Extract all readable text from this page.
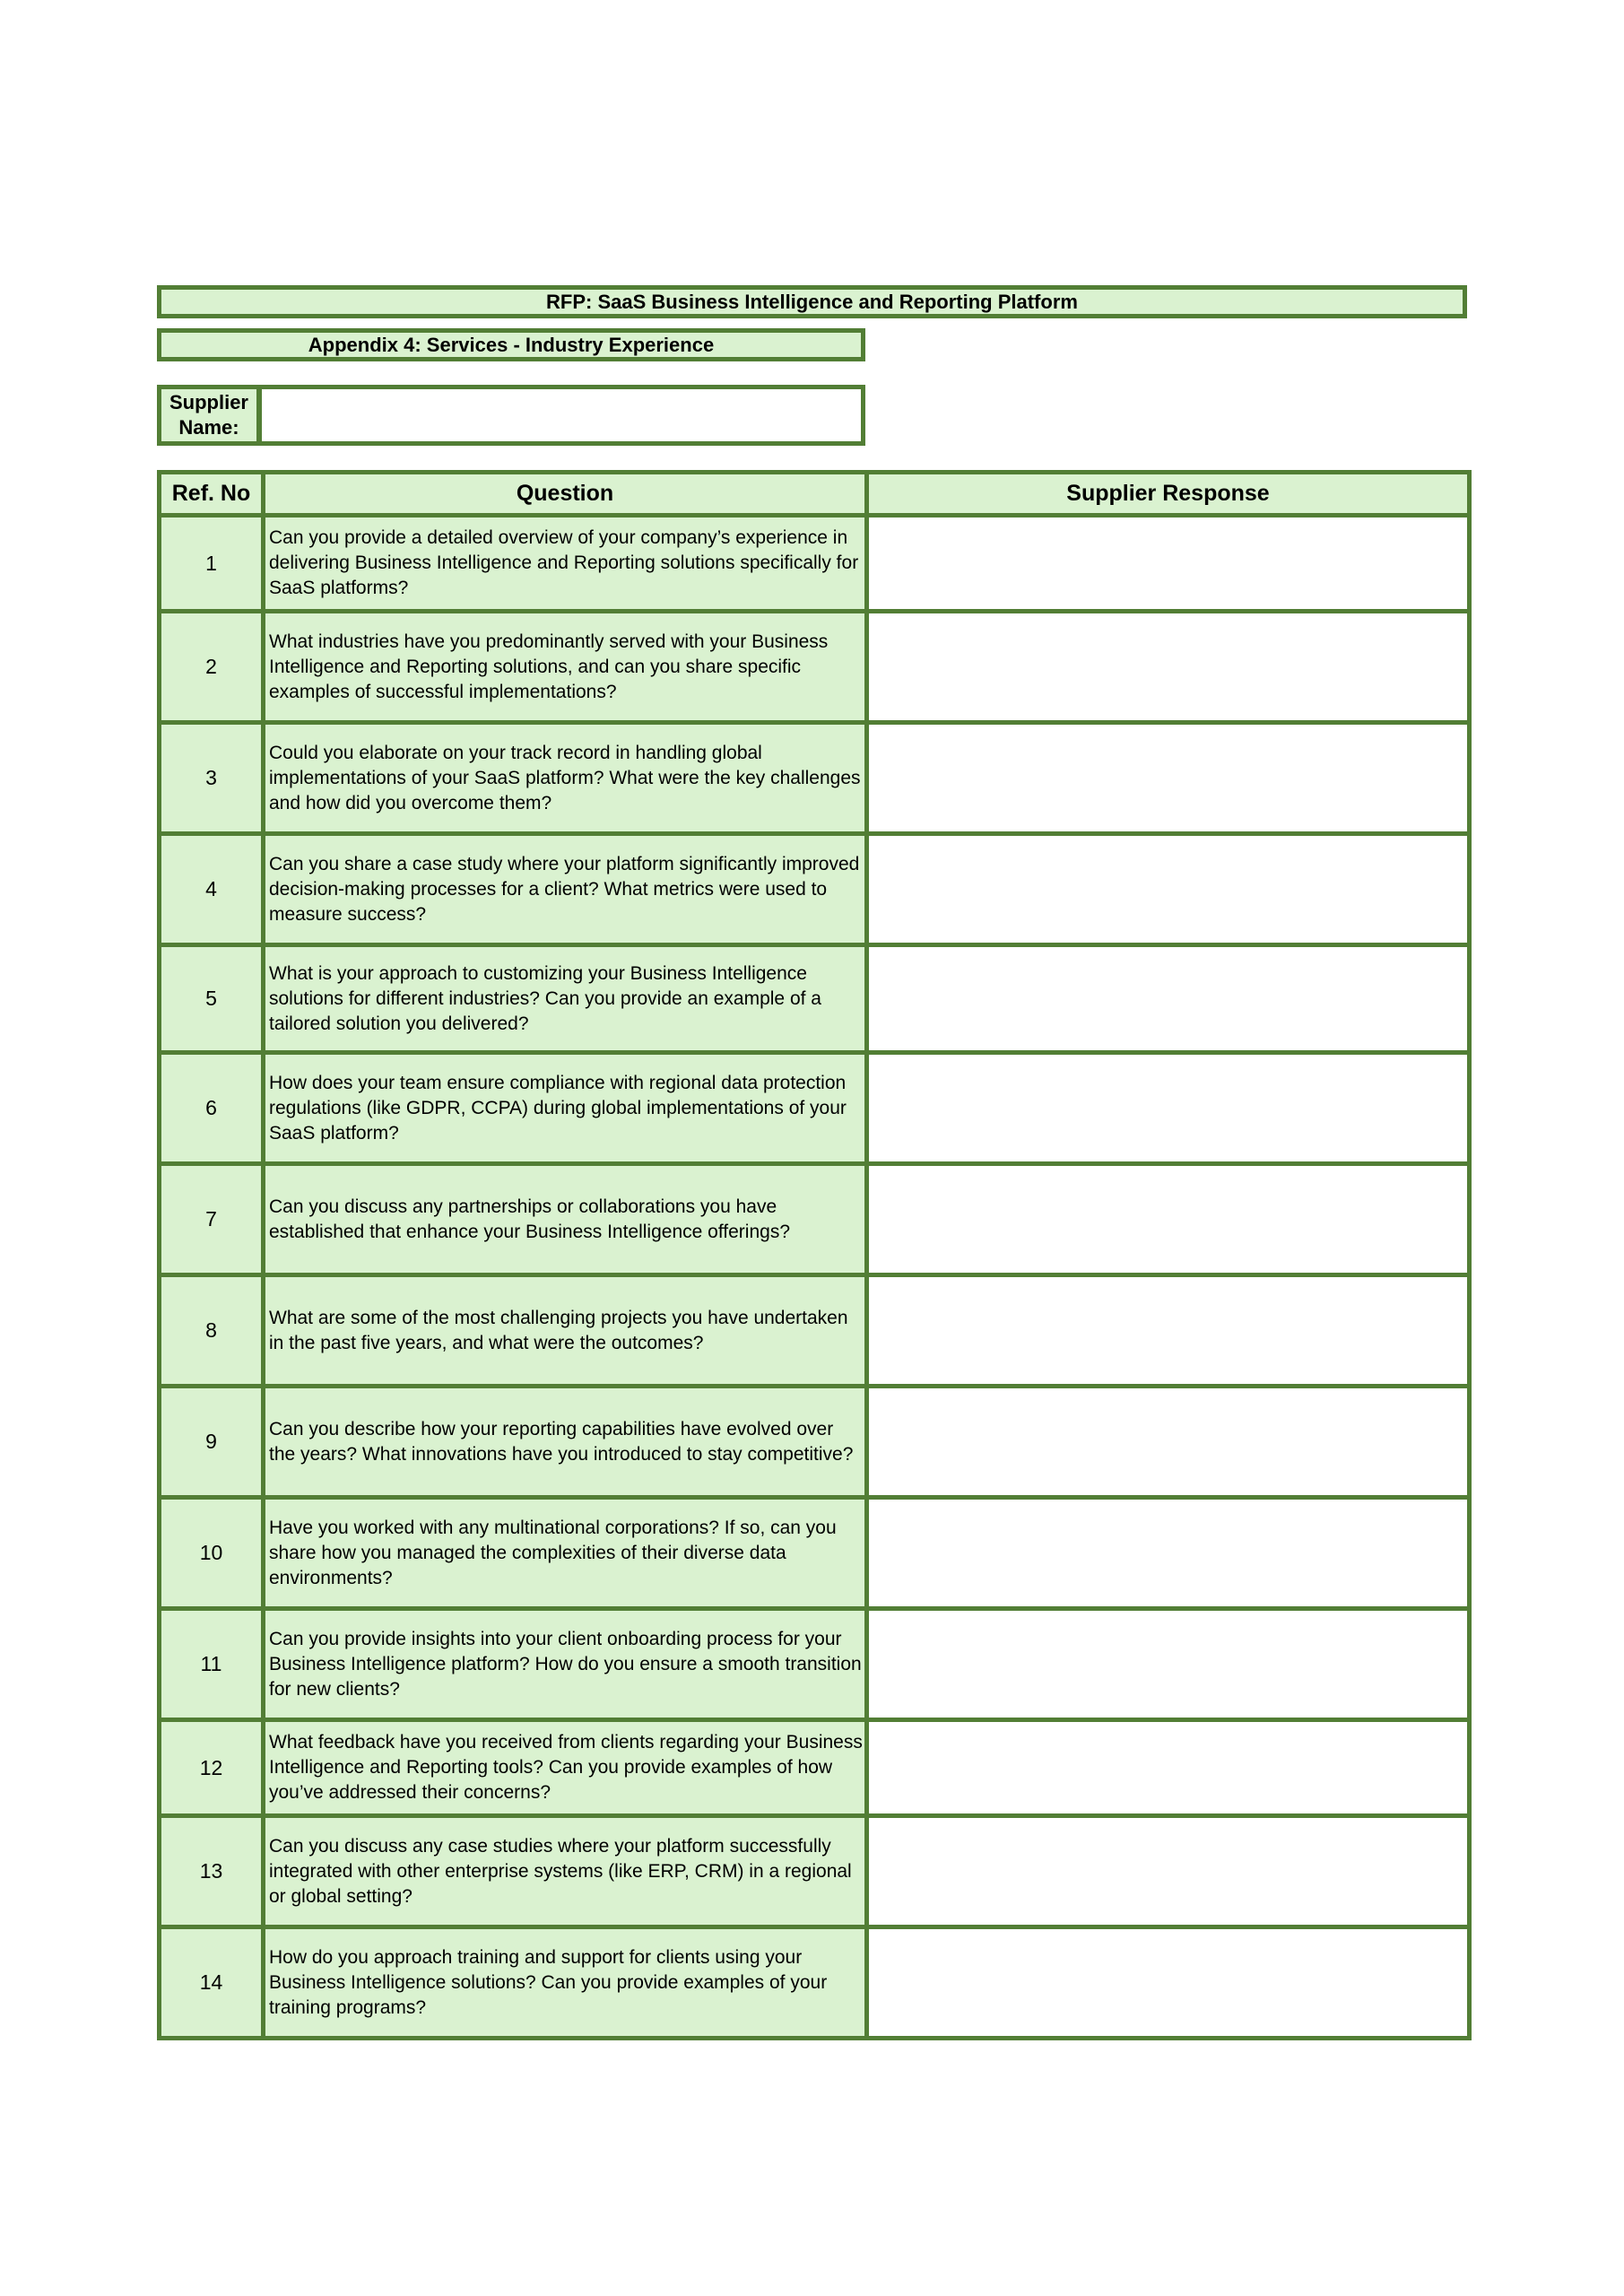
RFP: SaaS Business Intelligence and Reporting Platform
Appendix 4: Services - Industry Experience
Supplier Name:
Ref. No	Question	Supplier Response
1	Can you provide a detailed overview of your company’s experience in delivering Business Intelligence and Reporting solutions specifically for SaaS platforms?	
2	What industries have you predominantly served with your Business Intelligence and Reporting solutions, and can you share specific examples of successful implementations?	
3	Could you elaborate on your track record in handling global implementations of your SaaS platform? What were the key challenges and how did you overcome them?	
4	Can you share a case study where your platform significantly improved decision-making processes for a client? What metrics were used to measure success?	
5	What is your approach to customizing your Business Intelligence solutions for different industries? Can you provide an example of a tailored solution you delivered?	
6	How does your team ensure compliance with regional data protection regulations (like GDPR, CCPA) during global implementations of your SaaS platform?	
7	Can you discuss any partnerships or collaborations you have established that enhance your Business Intelligence offerings?	
8	What are some of the most challenging projects you have undertaken in the past five years, and what were the outcomes?	
9	Can you describe how your reporting capabilities have evolved over the years? What innovations have you introduced to stay competitive?	
10	Have you worked with any multinational corporations? If so, can you share how you managed the complexities of their diverse data environments?	
11	Can you provide insights into your client onboarding process for your Business Intelligence platform? How do you ensure a smooth transition for new clients?	
12	What feedback have you received from clients regarding your Business Intelligence and Reporting tools? Can you provide examples of how you’ve addressed their concerns?	
13	Can you discuss any case studies where your platform successfully integrated with other enterprise systems (like ERP, CRM) in a regional or global setting?	
14	How do you approach training and support for clients using your Business Intelligence solutions? Can you provide examples of your training programs?	
